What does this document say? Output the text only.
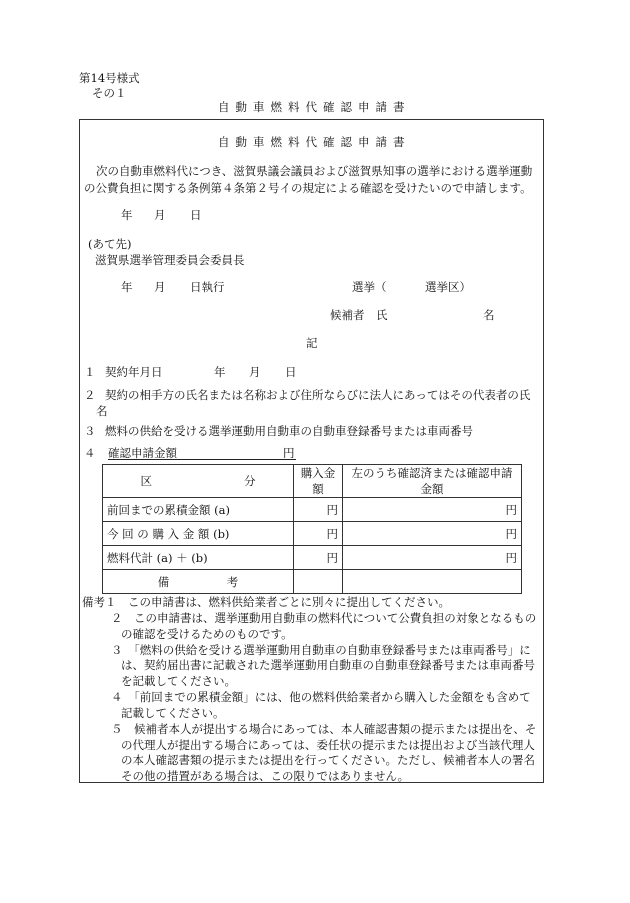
第14号様式
その１
自動車燃料代確認申請書
自動車燃料代確認申請書
次の自動車燃料代につき、滋賀県議会議員および滋賀県知事の選挙における選挙運動
の公費負担に関する条例第４条第２号イの規定による確認を受けたいので申請します。
年 月 日
(あて先)
滋賀県選挙管理委員会委員長
年 月 日執行	選挙（	選挙区）
候補者　氏	名
記
１ 契約年月日	年 月 日
２ 契約の相手方の氏名または名称および住所ならびに法人にあってはその代表者の氏
名
３ 燃料の供給を受ける選挙運動用自動車の自動車登録番号または車両番号
４ 確認申請金額	円
区　　　　　　　　分	購入金額	左のうち確認済または確認申請金額
前回までの累積金額 (a)	円	円
今 回 の 購 入 金 額 (b)	円	円
燃料代計 (a) ＋ (b)	円	円
備　　　　　考		
備考１　この申請書は、燃料供給業者ごとに別々に提出してください。
２　この申請書は、選挙運動用自動車の燃料代について公費負担の対象となるもの
の確認を受けるためのものです。
３　「燃料の供給を受ける選挙運動用自動車の自動車登録番号または車両番号」に
は、契約届出書に記載された選挙運動用自動車の自動車登録番号または車両番号
を記載してください。
４　「前回までの累積金額」には、他の燃料供給業者から購入した金額をも含めて
記載してください。
５　候補者本人が提出する場合にあっては、本人確認書類の提示または提出を、そ
の代理人が提出する場合にあっては、委任状の提示または提出および当該代理人
の本人確認書類の提示または提出を行ってください。ただし、候補者本人の署名
その他の措置がある場合は、この限りではありません。
